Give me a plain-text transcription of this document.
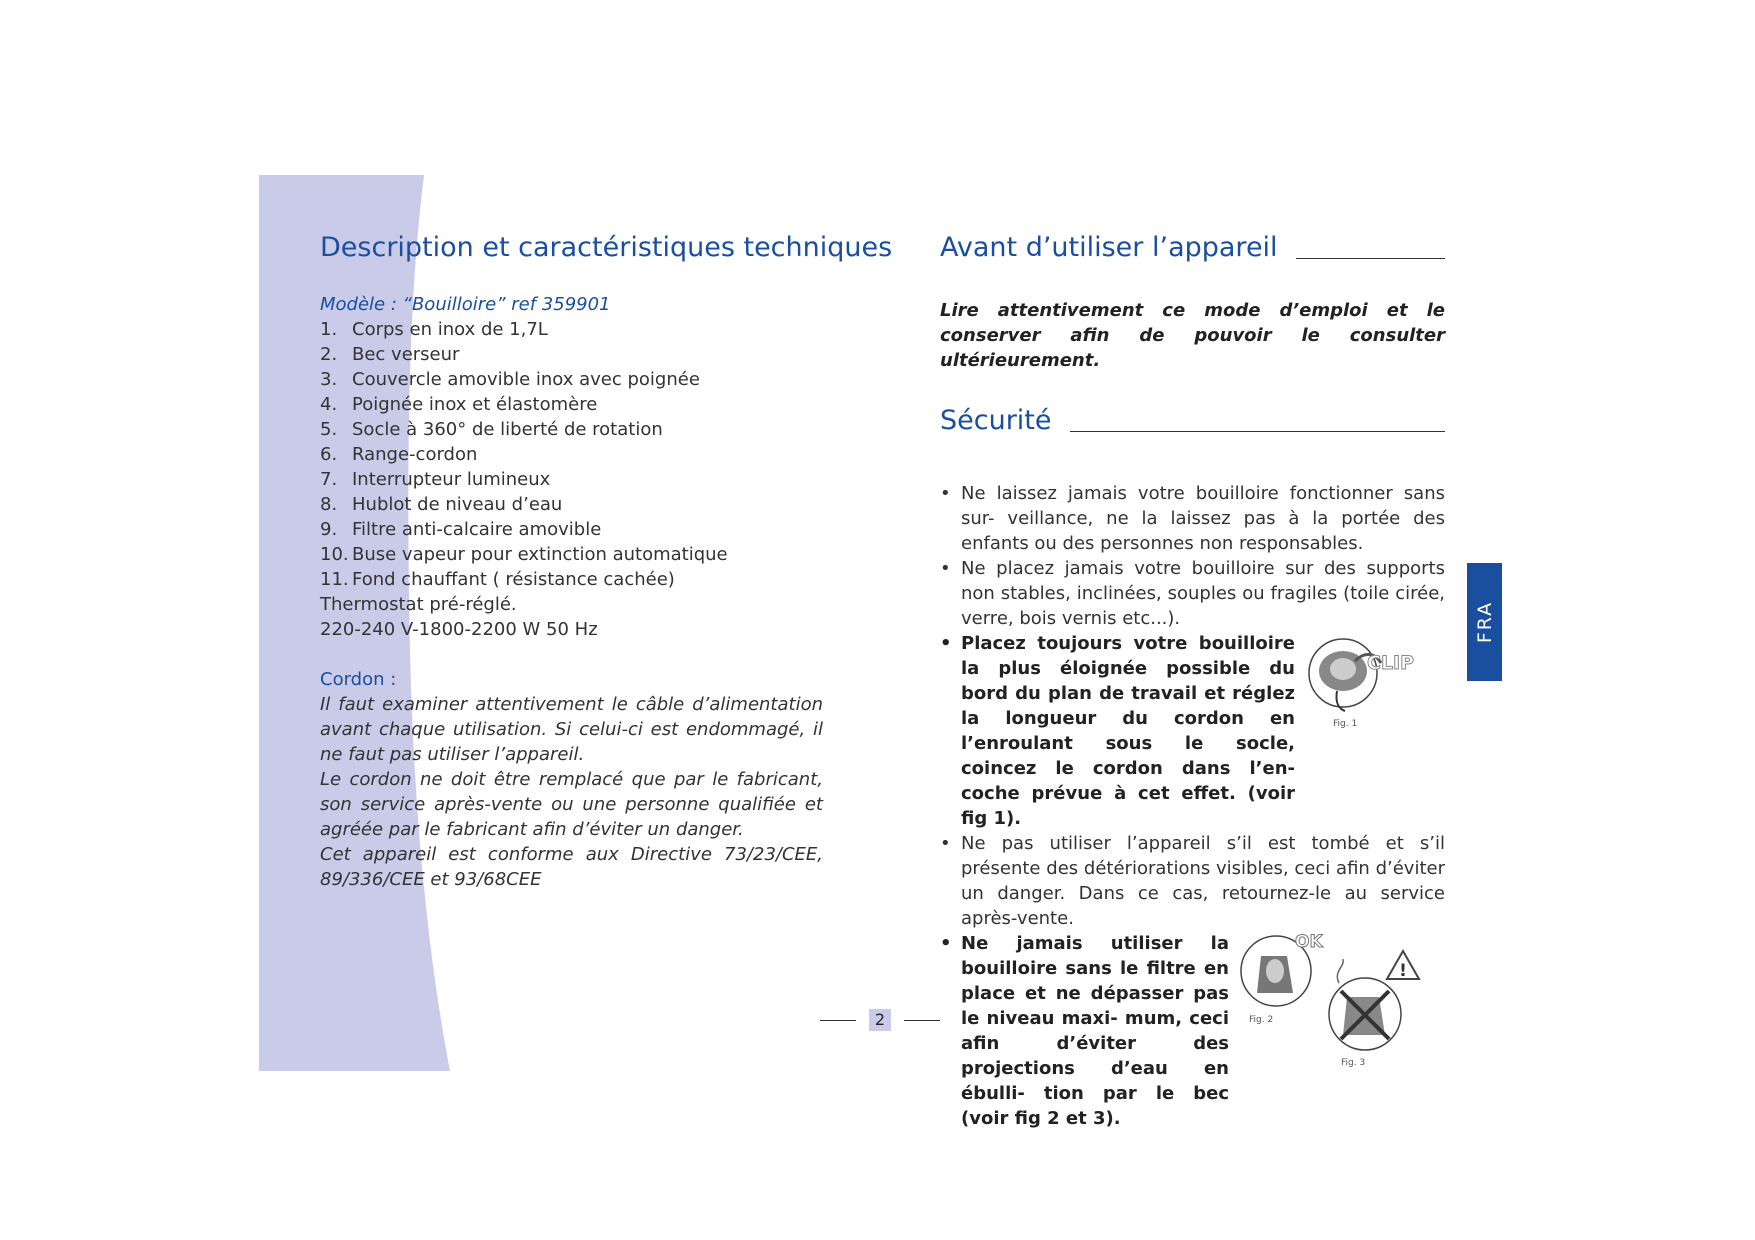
Description et caractéristiques techniques
Modèle : “Bouilloire” ref 359901
1. Corps en inox de 1,7L
2. Bec verseur
3. Couvercle amovible inox avec poignée
4. Poignée inox et élastomère
5. Socle à 360° de liberté de rotation
6. Range-cordon
7. Interrupteur lumineux
8. Hublot de niveau d’eau
9. Filtre anti-calcaire amovible
10. Buse vapeur pour extinction automatique
11. Fond chauffant ( résistance cachée)
Thermostat pré-réglé.
220-240 V-1800-2200 W 50 Hz
Cordon :
Il faut examiner attentivement le câble d’alimentation avant chaque utilisation. Si celui-ci est endommagé, il ne faut pas utiliser l’appareil.
Le cordon ne doit être remplacé que par le fabricant, son service après-vente ou une personne qualifiée et agréée par le fabricant afin d’éviter un danger.
Cet appareil est conforme aux Directive 73/23/CEE, 89/336/CEE et 93/68CEE
Avant d’utiliser l’appareil
Lire attentivement ce mode d’emploi et le conserver afin de pouvoir le consulter ultérieurement.
Sécurité
• Ne laissez jamais votre bouilloire fonctionner sans sur- veillance, ne la laissez pas à la portée des enfants ou des personnes non responsables.
• Ne placez jamais votre bouilloire sur des supports non stables, inclinées, souples ou fragiles (toile cirée, verre, bois vernis etc...).
• Placez toujours votre bouilloire la plus éloignée possible du bord du plan de travail et réglez la longueur du cordon en l’enroulant sous le socle, coincez le cordon dans l’en- coche prévue à cet effet. (voir fig 1).
CLIP
Fig. 1
• Ne pas utiliser l’appareil s’il est tombé et s’il présente des détériorations visibles, ceci afin d’éviter un danger. Dans ce cas, retournez-le au service après-vente.
• Ne jamais utiliser la bouilloire sans le filtre en place et ne dépasser pas le niveau maxi- mum, ceci afin d’éviter des projections d’eau en ébulli- tion par le bec (voir fig 2 et 3).
OK
!
Fig. 2
Fig. 3
FRA
2
